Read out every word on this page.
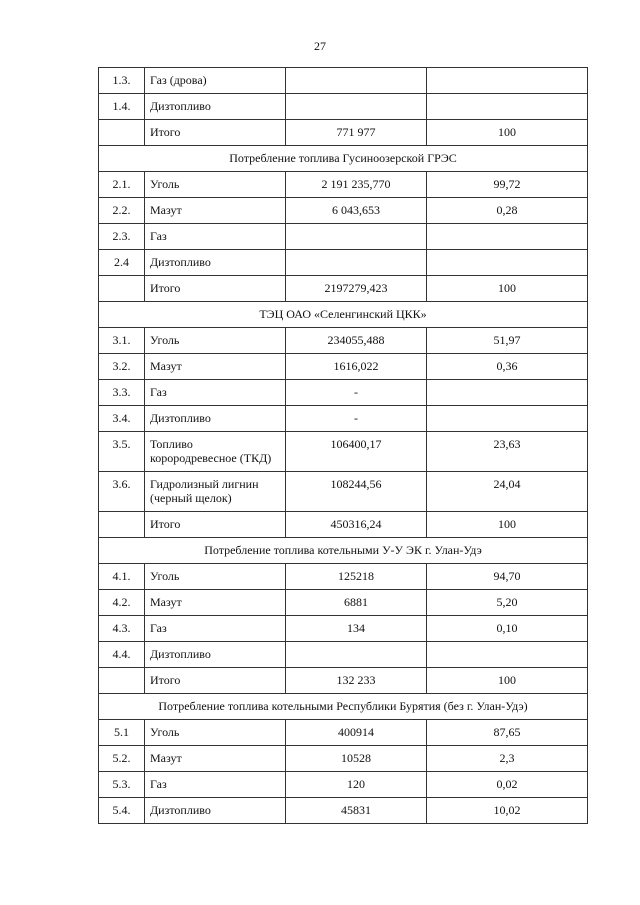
27
1.3.	Газ (дрова)		
1.4.	Дизтопливо		
	Итого	771 977	100
Потребление топлива Гусиноозерской ГРЭС			
2.1.	Уголь	2 191 235,770	99,72
2.2.	Мазут	6 043,653	0,28
2.3.	Газ		
2.4	Дизтопливо		
	Итого	2197279,423	100
ТЭЦ ОАО «Селенгинский ЦКК»			
3.1.	Уголь	234055,488	51,97
3.2.	Мазут	1616,022	0,36
3.3.	Газ	-	
3.4.	Дизтопливо	-	
3.5.	Топливо корородревесное (ТКД)	106400,17	23,63
3.6.	Гидролизный лигнин (черный щелок)	108244,56	24,04
	Итого	450316,24	100
Потребление топлива котельными У-У ЭК г. Улан-Удэ			
4.1.	Уголь	125218	94,70
4.2.	Мазут	6881	5,20
4.3.	Газ	134	0,10
4.4.	Дизтопливо		
	Итого	132 233	100
Потребление топлива котельными Республики Бурятия (без г. Улан-Удэ)			
5.1	Уголь	400914	87,65
5.2.	Мазут	10528	2,3
5.3.	Газ	120	0,02
5.4.	Дизтопливо	45831	10,02
